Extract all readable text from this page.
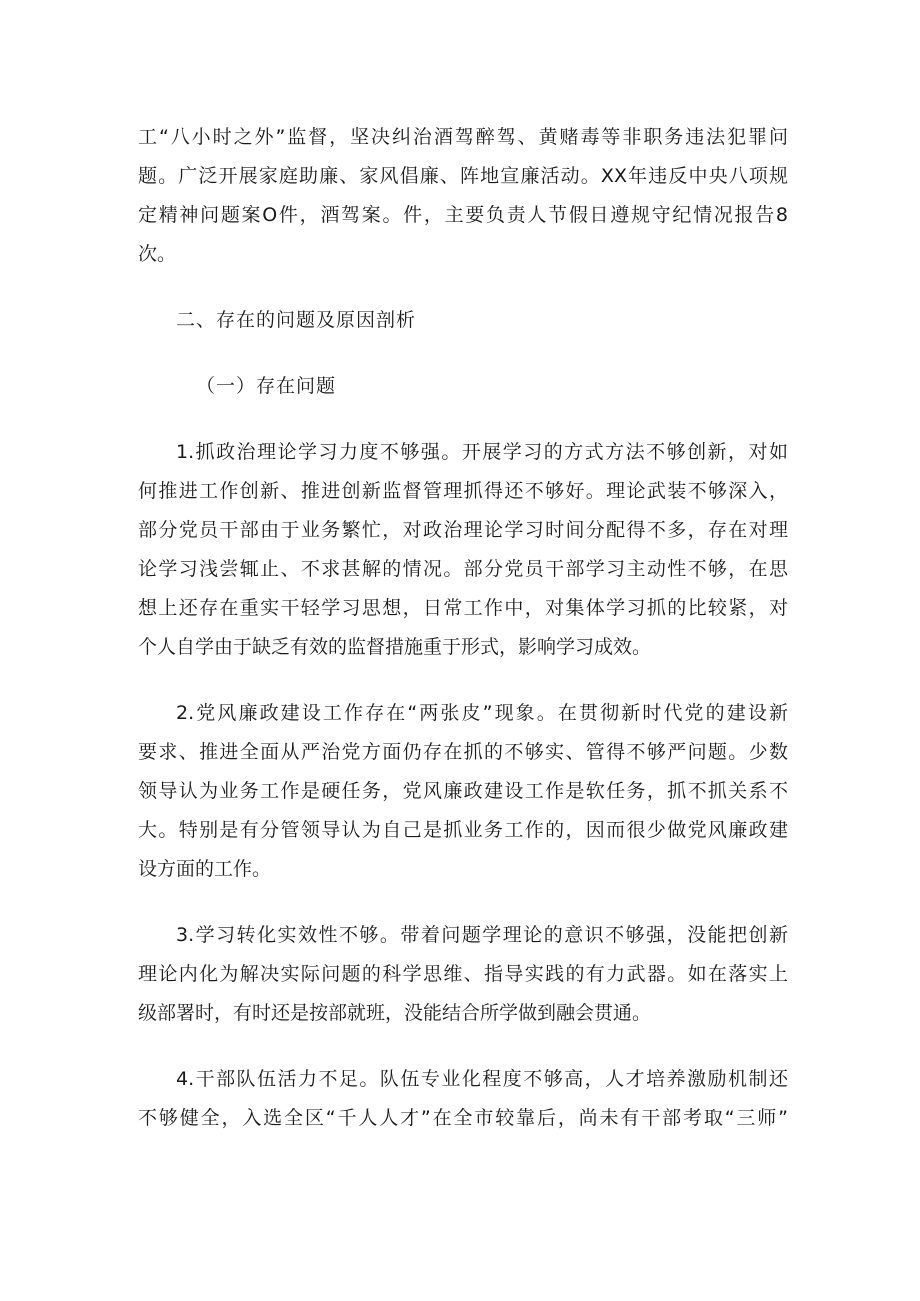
工“八小时之外”监督，坚决纠治酒驾醉驾、黄赌毒等非职务违法犯罪问
题。广泛开展家庭助廉、家风倡廉、阵地宣廉活动。XX年违反中央八项规
定精神问题案O件，酒驾案。件，主要负责人节假日遵规守纪情况报告8
次。
二、存在的问题及原因剖析
（一）存在问题
1.抓政治理论学习力度不够强。开展学习的方式方法不够创新，对如
何推进工作创新、推进创新监督管理抓得还不够好。理论武装不够深入，
部分党员干部由于业务繁忙，对政治理论学习时间分配得不多，存在对理
论学习浅尝辄止、不求甚解的情况。部分党员干部学习主动性不够，在思
想上还存在重实干轻学习思想，日常工作中，对集体学习抓的比较紧，对
个人自学由于缺乏有效的监督措施重于形式，影响学习成效。
2.党风廉政建设工作存在“两张皮”现象。在贯彻新时代党的建设新
要求、推进全面从严治党方面仍存在抓的不够实、管得不够严问题。少数
领导认为业务工作是硬任务，党风廉政建设工作是软任务，抓不抓关系不
大。特别是有分管领导认为自己是抓业务工作的，因而很少做党风廉政建
设方面的工作。
3.学习转化实效性不够。带着问题学理论的意识不够强，没能把创新
理论内化为解决实际问题的科学思维、指导实践的有力武器。如在落实上
级部署时，有时还是按部就班，没能结合所学做到融会贯通。
4.干部队伍活力不足。队伍专业化程度不够高，人才培养激励机制还
不够健全，入选全区“千人人才”在全市较靠后，尚未有干部考取“三师”
